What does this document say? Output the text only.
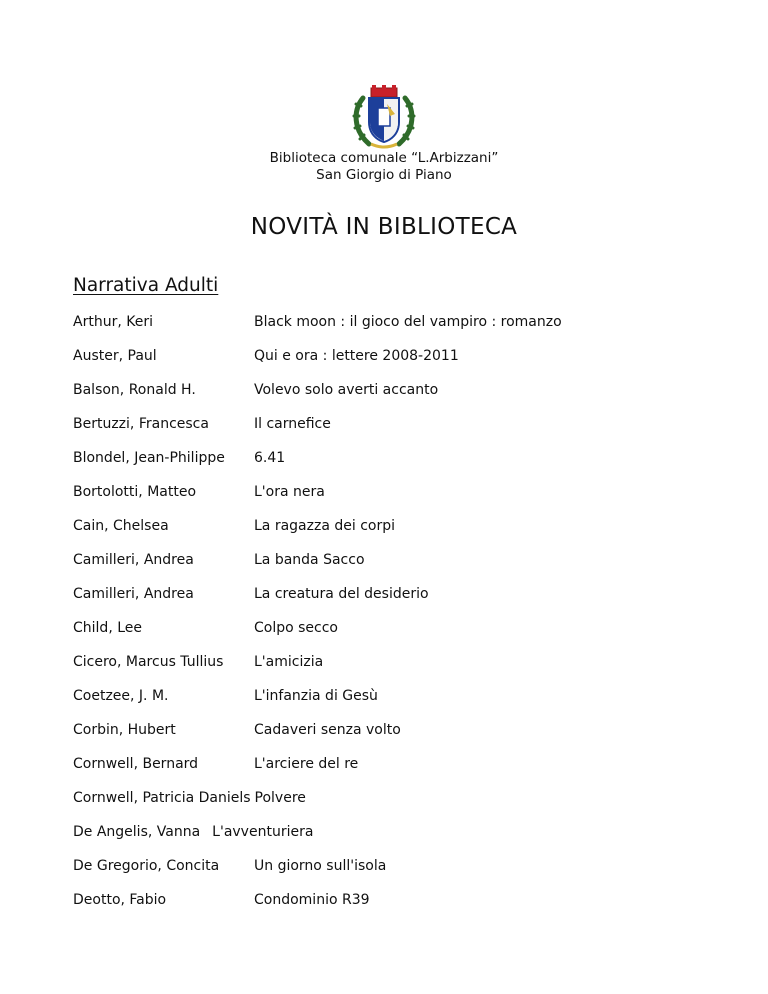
Biblioteca comunale “L.Arbizzani”
San Giorgio di Piano
NOVITÀ IN BIBLIOTECA
Narrativa Adulti
Arthur, Keri	Black moon : il gioco del vampiro : romanzo
Auster, Paul	Qui e ora : lettere 2008-2011
Balson, Ronald H.	Volevo solo averti accanto
Bertuzzi, Francesca	Il carnefice
Blondel, Jean-Philippe 6.41
Bortolotti, Matteo	L'ora nera
Cain, Chelsea	La ragazza dei corpi
Camilleri, Andrea	La banda Sacco
Camilleri, Andrea	La creatura del desiderio
Child, Lee	Colpo secco
Cicero, Marcus Tullius L'amicizia
Coetzee, J. M.	L'infanzia di Gesù
Corbin, Hubert	Cadaveri senza volto
Cornwell, Bernard	L'arciere del re
Cornwell, Patricia Daniels Polvere
De Angelis, Vanna L'avventuriera
De Gregorio, Concita Un giorno sull'isola
Deotto, Fabio	Condominio R39
